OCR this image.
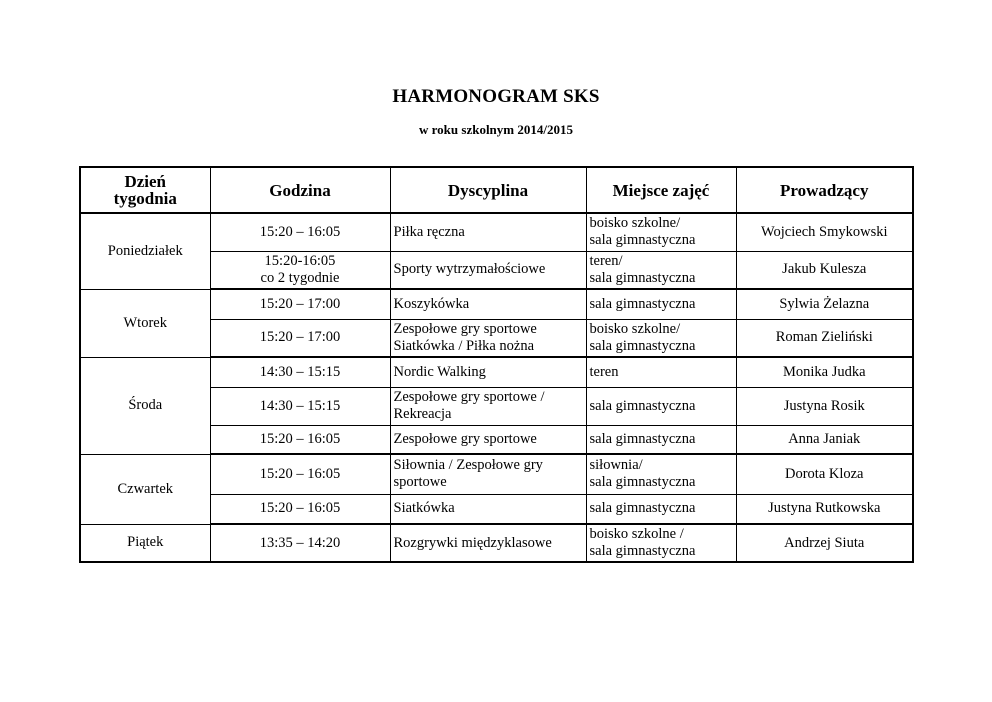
HARMONOGRAM SKS
w roku szkolnym 2014/2015
Dzień
tygodnia	Godzina	Dyscyplina	Miejsce zajęć	Prowadzący
Poniedziałek	15:20 – 16:05	Piłka ręczna	boisko szkolne/
sala gimnastyczna	Wojciech Smykowski

	15:20-16:05
co 2 tygodnie	Sporty wytrzymałościowe	teren/
sala gimnastyczna	Jakub Kulesza
Wtorek	15:20 – 17:00	Koszykówka	sala gimnastyczna	Sylwia Żelazna
	15:20 – 17:00	Zespołowe gry sportowe
Siatkówka / Piłka nożna	boisko szkolne/
sala gimnastyczna	Roman Zieliński
Środa	14:30 – 15:15	Nordic Walking	teren	Monika Judka
	14:30 – 15:15	Zespołowe gry sportowe /
Rekreacja	sala gimnastyczna	Justyna Rosik
	15:20 – 16:05	Zespołowe gry sportowe	sala gimnastyczna	Anna Janiak
Czwartek	15:20 – 16:05	Siłownia / Zespołowe gry
sportowe	siłownia/
sala gimnastyczna	Dorota Kloza
	15:20 – 16:05	Siatkówka	sala gimnastyczna	Justyna Rutkowska
Piątek	13:35 – 14:20	Rozgrywki międzyklasowe	boisko szkolne /
sala gimnastyczna	Andrzej Siuta
